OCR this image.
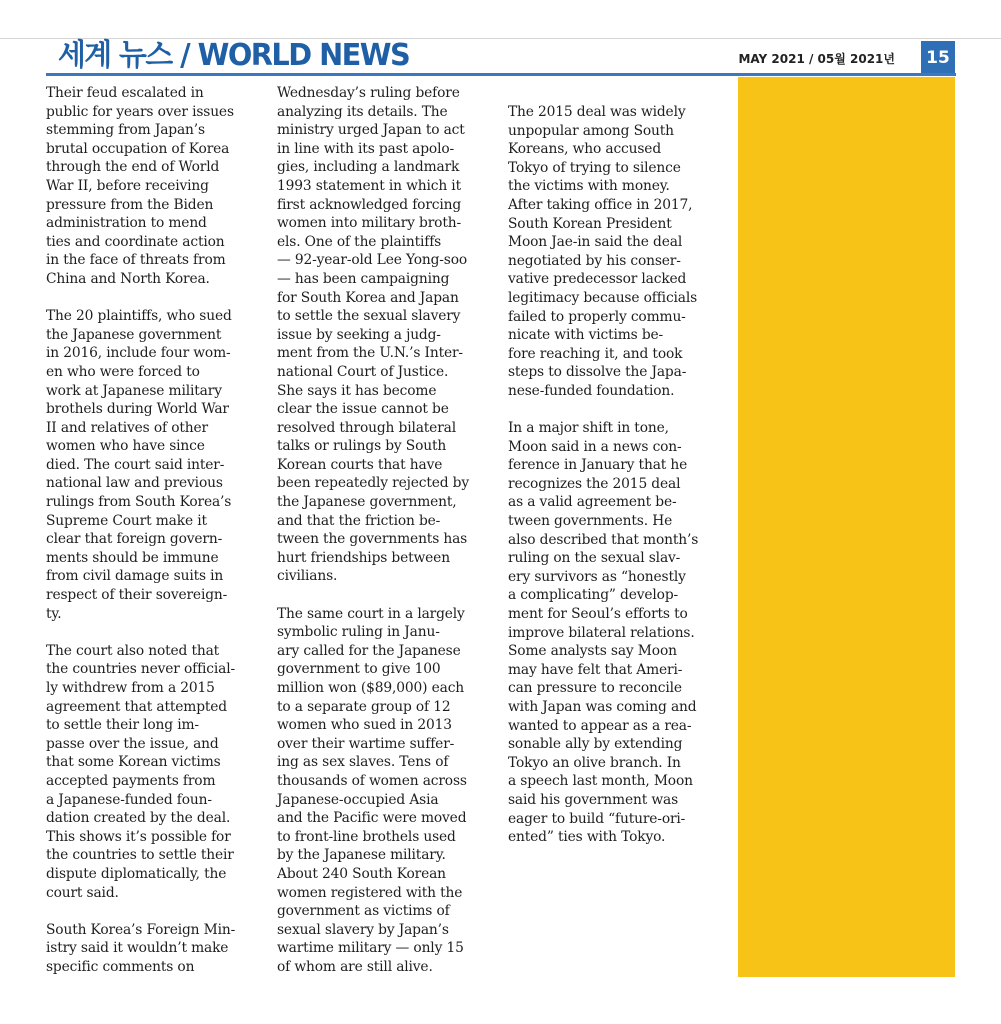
세계 뉴스 / WORLD NEWS	MAY 2021 / 05월 2021년	15

Their feud escalated in
public for years over issues
stemming from Japan’s
brutal occupation of Korea
through the end of World
War II, before receiving
pressure from the Biden
administration to mend
ties and coordinate action
in the face of threats from
China and North Korea.

The 20 plaintiffs, who sued
the Japanese government
in 2016, include four wom-
en who were forced to
work at Japanese military
brothels during World War
II and relatives of other
women who have since
died. The court said inter-
national law and previous
rulings from South Korea’s
Supreme Court make it
clear that foreign govern-
ments should be immune
from civil damage suits in
respect of their sovereign-
ty.

The court also noted that
the countries never official-
ly withdrew from a 2015
agreement that attempted
to settle their long im-
passe over the issue, and
that some Korean victims
accepted payments from
a Japanese-funded foun-
dation created by the deal.
This shows it’s possible for
the countries to settle their
dispute diplomatically, the
court said.

South Korea’s Foreign Min-
istry said it wouldn’t make
specific comments on

Wednesday’s ruling before
analyzing its details. The
ministry urged Japan to act
in line with its past apolo-
gies, including a landmark
1993 statement in which it
first acknowledged forcing
women into military broth-
els. One of the plaintiffs
— 92-year-old Lee Yong-soo
— has been campaigning
for South Korea and Japan
to settle the sexual slavery
issue by seeking a judg-
ment from the U.N.’s Inter-
national Court of Justice.
She says it has become
clear the issue cannot be
resolved through bilateral
talks or rulings by South
Korean courts that have
been repeatedly rejected by
the Japanese government,
and that the friction be-
tween the governments has
hurt friendships between
civilians.

The same court in a largely
symbolic ruling in Janu-
ary called for the Japanese
government to give 100
million won ($89,000) each
to a separate group of 12
women who sued in 2013
over their wartime suffer-
ing as sex slaves. Tens of
thousands of women across
Japanese-occupied Asia
and the Pacific were moved
to front-line brothels used
by the Japanese military.
About 240 South Korean
women registered with the
government as victims of
sexual slavery by Japan’s
wartime military — only 15
of whom are still alive.

The 2015 deal was widely
unpopular among South
Koreans, who accused
Tokyo of trying to silence
the victims with money.
After taking office in 2017,
South Korean President
Moon Jae-in said the deal
negotiated by his conser-
vative predecessor lacked
legitimacy because officials
failed to properly commu-
nicate with victims be-
fore reaching it, and took
steps to dissolve the Japa-
nese-funded foundation.

In a major shift in tone,
Moon said in a news con-
ference in January that he
recognizes the 2015 deal
as a valid agreement be-
tween governments. He
also described that month’s
ruling on the sexual slav-
ery survivors as “honestly
a complicating” develop-
ment for Seoul’s efforts to
improve bilateral relations.
Some analysts say Moon
may have felt that Ameri-
can pressure to reconcile
with Japan was coming and
wanted to appear as a rea-
sonable ally by extending
Tokyo an olive branch. In
a speech last month, Moon
said his government was
eager to build “future-ori-
ented” ties with Tokyo.
